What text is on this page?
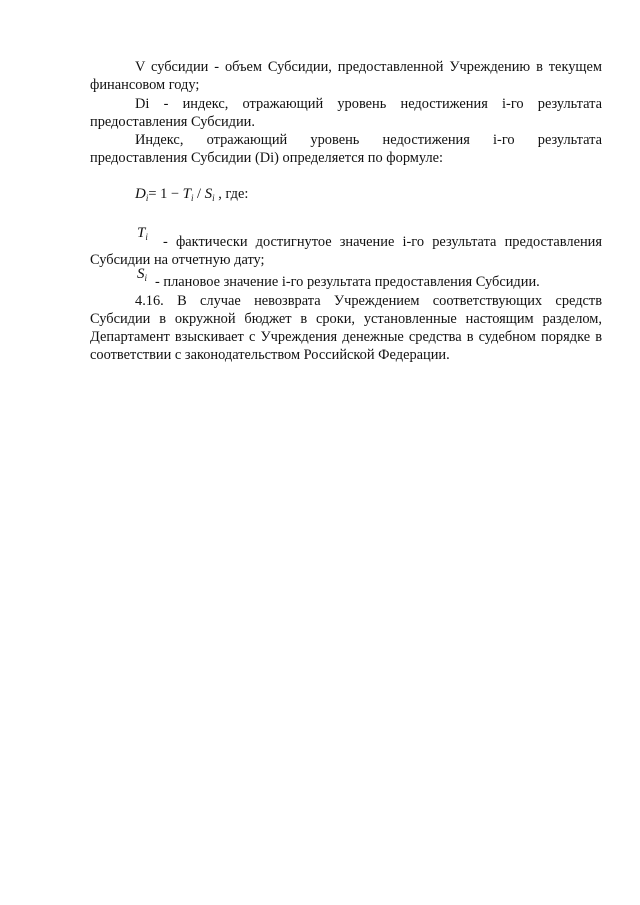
V субсидии - объем Субсидии, предоставленной Учреждению в текущем финансовом году;

Di - индекс, отражающий уровень недостижения i-го результата предоставления Субсидии.

Индекс, отражающий уровень недостижения i-го результата

предоставления Субсидии (Di) определяется по формуле:

$D_i= 1 - T_i / S_i$ , где:
$T_i$	- фактически достигнутое значение i-го результата предоставления Субсидии на отчетную дату;
$S_i$ - плановое значение i-го результата предоставления Субсидии.

4.16. В случае невозврата Учреждением соответствующих средств Субсидии в окружной бюджет в сроки, установленные настоящим разделом, Департамент взыскивает с Учреждения денежные средства в судебном порядке в соответствии с законодательством Российской Федерации.
